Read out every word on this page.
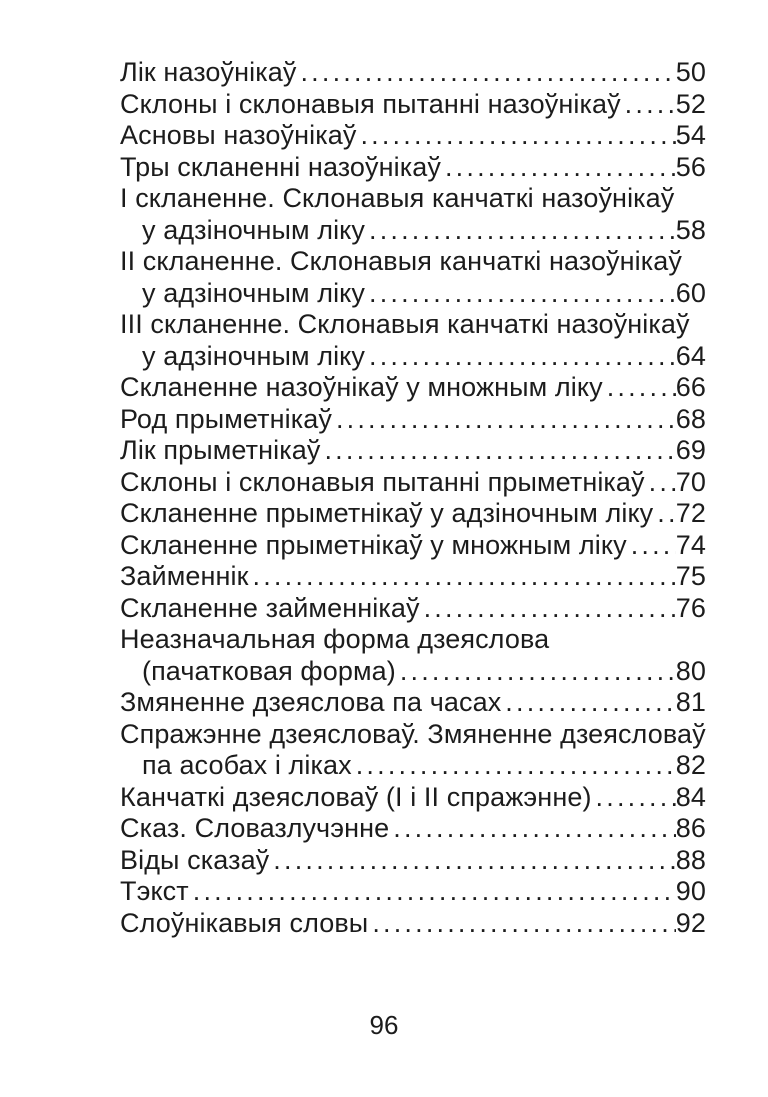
Лік назоўнікаў .....	50
Склоны і склонавыя пытанні назоўнікаў ..... 52
Асновы назоўнікаў .....	54
Тры скланенні назоўнікаў .....	56
I скланенне. Склонавыя канчаткі назоўнікаў
у адзіночным ліку .....	58
II скланенне. Склонавыя канчаткі назоўнікаў
у адзіночным ліку .....	60
III скланенне. Склонавыя канчаткі назоўнікаў
у адзіночным ліку .....	64
Скланенне назоўнікаў у множным ліку .....	66
Род прыметнікаў .....	68
Лік прыметнікаў .....	69
Склоны і склонавыя пытанні прыметнікаў ..... 70
Скланенне прыметнікаў у адзіночным ліку ..... 72
Скланенне прыметнікаў у множным ліку ..... 74
Займеннік .....	75
Скланенне займеннікаў .....	76
Неазначальная форма дзеяслова
(пачатковая форма) .....	80
Змяненне дзеяслова па часах .....	81
Спражэнне дзеясловаў. Змяненне дзеясловаў
па асобах і ліках .....	82
Канчаткі дзеясловаў (I і II спражэнне) .....	84
Сказ. Словазлучэнне .....	86
Віды сказаў .....	88
Тэкст .....	90
Слоўнікавыя словы .....	92
96
